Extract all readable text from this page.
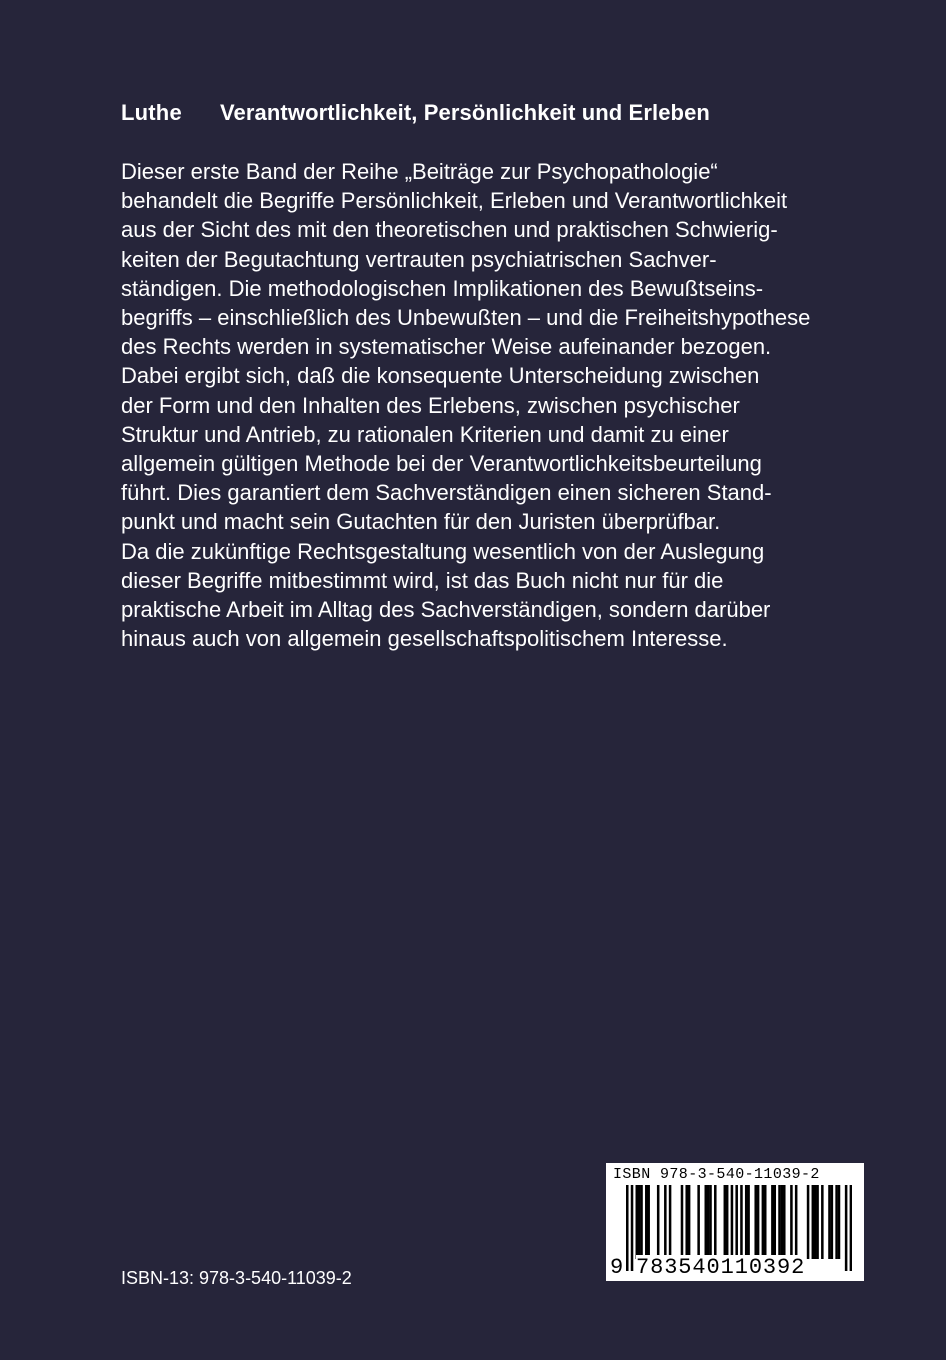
Luthe Verantwortlichkeit, Persönlichkeit und Erleben
Dieser erste Band der Reihe „Beiträge zur Psychopathologie“
behandelt die Begriffe Persönlichkeit, Erleben und Verantwortlichkeit
aus der Sicht des mit den theoretischen und praktischen Schwierig-
keiten der Begutachtung vertrauten psychiatrischen Sachver-
ständigen. Die methodologischen Implikationen des Bewußtseins-
begriffs – einschließlich des Unbewußten – und die Freiheitshypothese
des Rechts werden in systematischer Weise aufeinander bezogen.
Dabei ergibt sich, daß die konsequente Unterscheidung zwischen
der Form und den Inhalten des Erlebens, zwischen psychischer
Struktur und Antrieb, zu rationalen Kriterien und damit zu einer
allgemein gültigen Methode bei der Verantwortlichkeitsbeurteilung
führt. Dies garantiert dem Sachverständigen einen sicheren Stand-
punkt und macht sein Gutachten für den Juristen überprüfbar.
Da die zukünftige Rechtsgestaltung wesentlich von der Auslegung
dieser Begriffe mitbestimmt wird, ist das Buch nicht nur für die
praktische Arbeit im Alltag des Sachverständigen, sondern darüber
hinaus auch von allgemein gesellschaftspolitischem Interesse.
ISBN-13: 978-3-540-11039-2
ISBN 978-3-540-11039-2
9 783540110392
